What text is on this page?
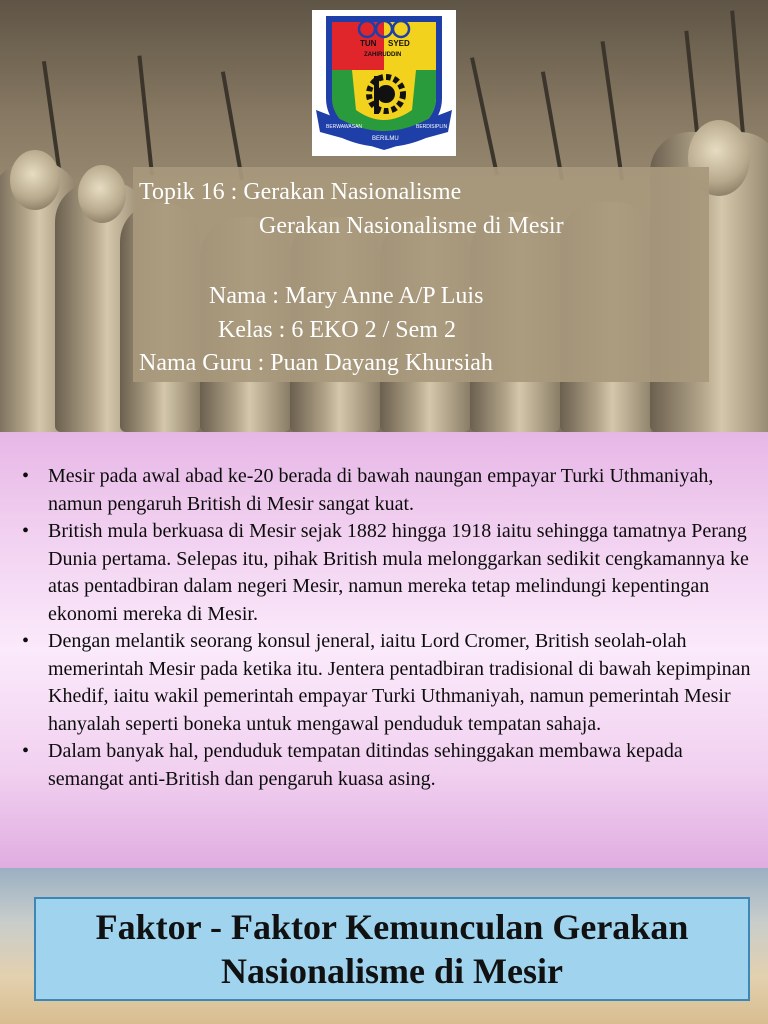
TUN SYED
ZAHIRUDDIN
BERWAWASAN
BERILMU
BERDISIPLIN
Topik 16 : Gerakan Nasionalisme
Gerakan Nasionalisme di Mesir
Nama : Mary Anne A/P Luis
Kelas : 6 EKO 2 / Sem 2
Nama Guru : Puan Dayang Khursiah
• Mesir pada awal abad ke-20 berada di bawah naungan empayar Turki Uthmaniyah, namun pengaruh British di Mesir sangat kuat.
• British mula berkuasa di Mesir sejak 1882 hingga 1918 iaitu sehingga tamatnya Perang Dunia pertama. Selepas itu, pihak British mula melonggarkan sedikit cengkamannya ke atas pentadbiran dalam negeri Mesir, namun mereka tetap melindungi kepentingan ekonomi mereka di Mesir.
• Dengan melantik seorang konsul jeneral, iaitu Lord Cromer, British seolah-olah memerintah Mesir pada ketika itu. Jentera pentadbiran tradisional di bawah kepimpinan Khedif, iaitu wakil pemerintah empayar Turki Uthmaniyah, namun pemerintah Mesir hanyalah seperti boneka untuk mengawal penduduk tempatan sahaja.
• Dalam banyak hal, penduduk tempatan ditindas sehinggakan membawa kepada semangat anti-British dan pengaruh kuasa asing.
Faktor - Faktor Kemunculan Gerakan
Nasionalisme di Mesir
